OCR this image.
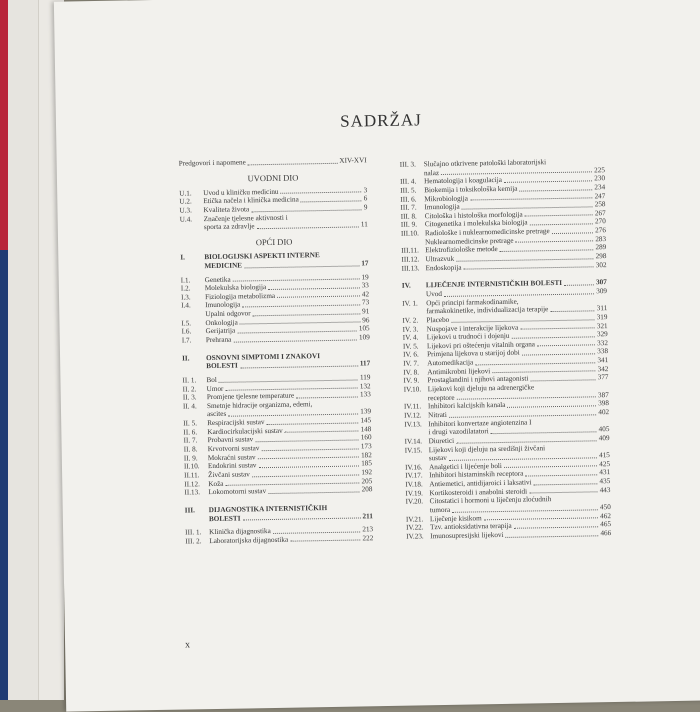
SADRŽAJ
Predgovori i napomene	XIV-XVI
UVODNI DIO
U.1.	Uvod u kliničku medicinu	3
U.2.	Etička načela i klinička medicina	6
U.3.	Kvaliteta života	9
U.4.	Značenje tjelesne aktivnosti i
sporta za zdravlje	11
OPĆI DIO
I.	BIOLOGIJSKI ASPEKTI INTERNE
MEDICINE	17
I.1.	Genetika	19
I.2.	Molekulska biologija	33
I.3.	Fiziologija metabolizma	42
I.4.	Imunologija	73
Upalni odgovor	91
I.5.	Onkologija	96
I.6.	Gerijatrija	105
I.7.	Prehrana	109
II.	OSNOVNI SIMPTOMI I ZNAKOVI
BOLESTI	117
II. 1.	Bol	119
II. 2.	Umor	132
II. 3.	Promjene tjelesne temperature	133
II. 4.	Smetnje hidracije organizma, edemi,
ascites	139
II. 5.	Respiracijski sustav	145
II. 6.	Kardiocirkulacijski sustav	148
II. 7.	Probavni sustav	160
II. 8.	Krvotvorni sustav	173
II. 9.	Mokraćni sustav	182
II.10.	Endokrini sustav	185
II.11.	Živčani sustav	192
II.12.	Koža	205
II.13.	Lokomotorni sustav	208
III.	DIJAGNOSTIKA INTERNISTIČKIH
BOLESTI	211
III. 1.	Klinička dijagnostika	213
III. 2.	Laboratorijska dijagnostika	222
III. 3.	Slučajno otkrivene patološki laboratorijski
nalaz	225
III. 4.	Hematologija i koagulacija	230
III. 5.	Biokemija i toksikološka kemija	234
III. 6.	Mikrobiologija	247
III. 7.	Imunologija	258
III. 8.	Citološka i histološka morfologija	267
III. 9.	Citogenetika i molekulska biologija	270
III.10. Radiološke i nuklearnomedicinske pretrage	276
Nuklearnomedicinske pretrage	283
III.11. Elektrofiziološke metode	289
III.12. Ultrazvuk	298
III.13. Endoskopija	302
IV.	LIJEČENJE INTERNISTIČKIH BOLESTI	307
Uvod	309
IV. 1.	Opći principi farmakodinamike,
farmakokinetike, individualizacija terapije	311
IV. 2.	Placebo	319
IV. 3.	Nuspojave i interakcije lijekova	321
IV. 4.	Lijekovi u trudnoći i dojenju	329
IV. 5.	Lijekovi pri oštećenju vitalnih organa	332
IV. 6.	Primjena lijekova u starijoj dobi	338
IV. 7.	Automedikacija	341
IV. 8.	Antimikrobni lijekovi	342
IV. 9.	Prostaglandini i njihovi antagonisti	377
IV.10. Lijekovi koji djeluju na adrenergičke
receptore	387
IV.11. Inhibitori kalcijskih kanala	398
IV.12. Nitrati	402
IV.13. Inhibitori konvertaze angiotenzina I
i drugi vazodilatatori	405
IV.14. Diuretici	409
IV.15. Lijekovi koji djeluju na središnji živčani
sustav	415
IV.16. Analgetici i lijećenje boli	425
IV.17. Inhibitori histaminskih receptora	431
IV.18. Antiemetici, antidijaroici i laksativi	435
IV.19. Kortikosteroidi i anabolni steroidi	443
IV.20. Citostatici i hormoni u liječenju zloćudnih
tumora	450
IV.21. Liječenje kisikom	462
IV.22. Tzv. antioksidativna terapija	465
IV.23. Imunosupresijski lijekovi	466
x
